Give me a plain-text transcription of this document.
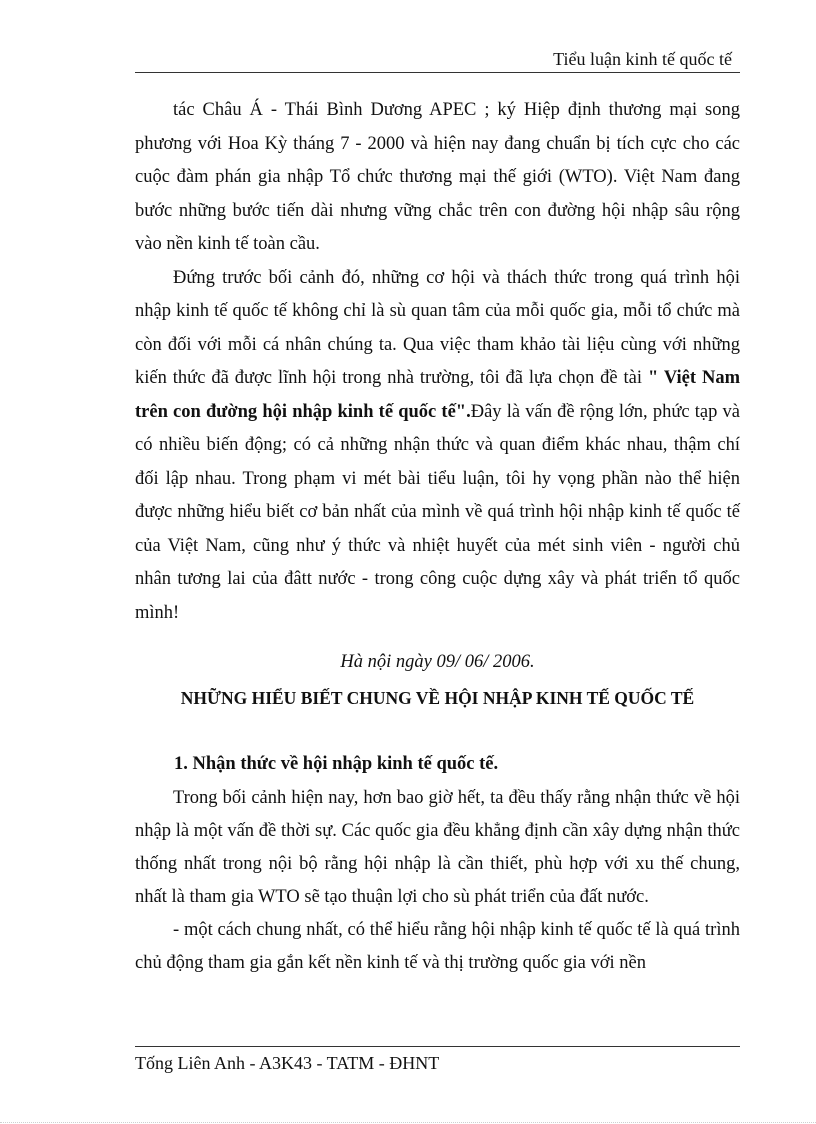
Tiểu luận kinh tế quốc tế

tác Châu Á - Thái Bình Dương APEC ; ký Hiệp định thương mại song phương với Hoa Kỳ tháng 7 - 2000 và hiện nay đang chuẩn bị tích cực cho các cuộc đàm phán gia nhập Tổ chức thương mại thế giới (WTO). Việt Nam đang bước những bước tiến dài nhưng vững chắc trên con đường hội nhập sâu rộng vào nền kinh tế toàn cầu.

Đứng trước bối cảnh đó, những cơ hội và thách thức trong quá trình hội nhập kinh tế quốc tế không chỉ là sù quan tâm của mỗi quốc gia, mỗi tổ chức mà còn đối với mỗi cá nhân chúng ta. Qua việc tham khảo tài liệu cùng với những kiến thức đã được lĩnh hội trong nhà trường, tôi đã lựa chọn đề tài " Việt Nam trên con đường hội nhập kinh tế quốc tế".Đây là vấn đề rộng lớn, phức tạp và có nhiều biến động; có cả những nhận thức và quan điểm khác nhau, thậm chí đối lập nhau. Trong phạm vi mét bài tiểu luận, tôi hy vọng phần nào thể hiện được những hiểu biết cơ bản nhất của mình về quá trình hội nhập kinh tế quốc tế của Việt Nam, cũng như ý thức và nhiệt huyết của mét sinh viên - người chủ nhân tương lai của đâtt nước - trong công cuộc dựng xây và phát triển tổ quốc mình!

Hà nội ngày 09/ 06/ 2006.
NHỮNG HIỂU BIẾT CHUNG VỀ HỘI NHẬP KINH TẾ QUỐC TẾ
1. Nhận thức về hội nhập kinh tế quốc tế.

Trong bối cảnh hiện nay, hơn bao giờ hết, ta đều thấy rằng nhận thức về hội nhập là một vấn đề thời sự. Các quốc gia đều khẳng định cần xây dựng nhận thức thống nhất trong nội bộ rằng hội nhập là cần thiết, phù hợp với xu thế chung, nhất là tham gia WTO sẽ tạo thuận lợi cho sù phát triển của đất nước.

- một cách chung nhất, có thể hiểu rằng hội nhập kinh tế quốc tế là quá trình chủ động tham gia gắn kết nền kinh tế và thị trường quốc gia với nền

Tống Liên Anh - A3K43 - TATM - ĐHNT
